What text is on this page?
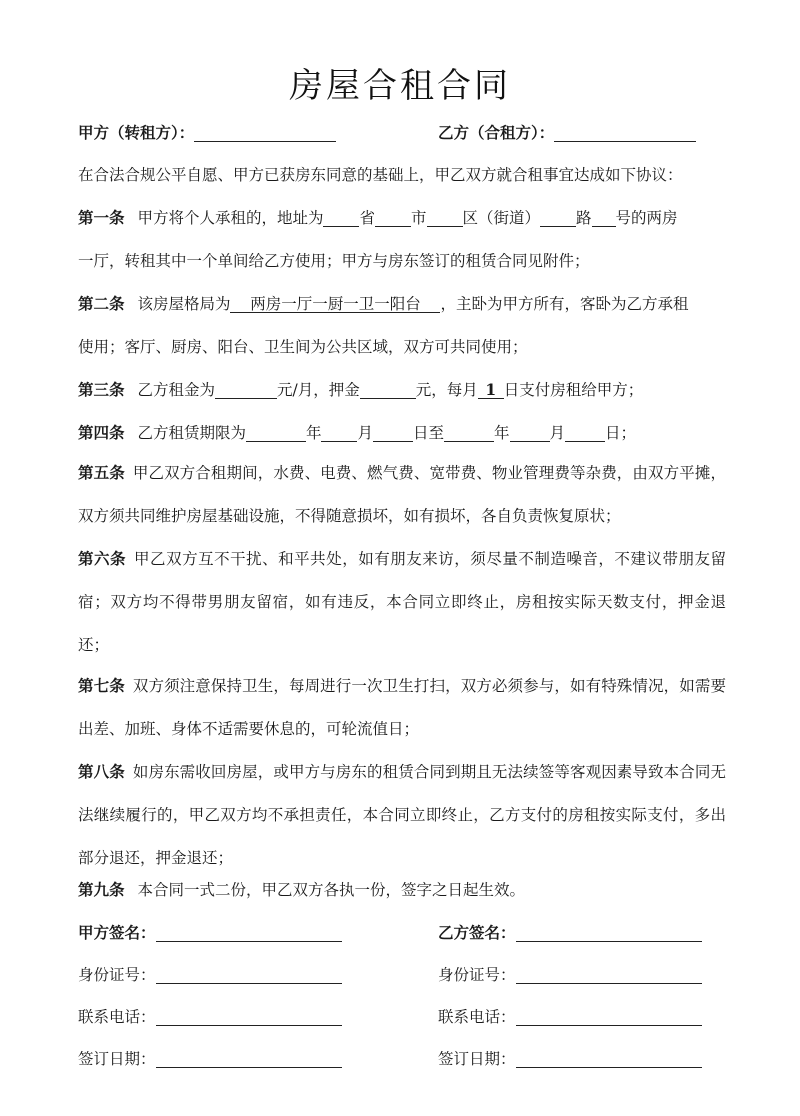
房屋合租合同
甲方（转租方）：	乙方（合租方）：
在合法合规公平自愿、甲方已获房东同意的基础上，甲乙双方就合租事宜达成如下协议：
第一条 甲方将个人承租的，地址为 省 市 区（街道） 路 号的两房
一厅，转租其中一个单间给乙方使用；甲方与房东签订的租赁合同见附件；
第二条 该房屋格局为 两房一厅一厨一卫一阳台 ，主卧为甲方所有，客卧为乙方承租
使用；客厅、厨房、阳台、卫生间为公共区域，双方可共同使用；
第三条 乙方租金为	元/月，押金	元，每月 1 日支付房租给甲方；
第四条 乙方租赁期限为	年 月	日至	年	月	日；
第五条 甲乙双方合租期间，水费、电费、燃气费、宽带费、物业管理费等杂费，由双方平摊，双方须共同维护房屋基础设施，不得随意损坏，如有损坏，各自负责恢复原状；
第六条 甲乙双方互不干扰、和平共处，如有朋友来访，须尽量不制造噪音，不建议带朋友留宿；双方均不得带男朋友留宿，如有违反，本合同立即终止，房租按实际天数支付，押金退还；
第七条 双方须注意保持卫生，每周进行一次卫生打扫，双方必须参与，如有特殊情况，如需要出差、加班、身体不适需要休息的，可轮流值日；
第八条 如房东需收回房屋，或甲方与房东的租赁合同到期且无法续签等客观因素导致本合同无法继续履行的，甲乙双方均不承担责任，本合同立即终止，乙方支付的房租按实际支付，多出部分退还，押金退还；
第九条 本合同一式二份，甲乙双方各执一份，签字之日起生效。
甲方签名：	乙方签名：
身份证号：	身份证号：
联系电话：	联系电话：
签订日期：	签订日期：
